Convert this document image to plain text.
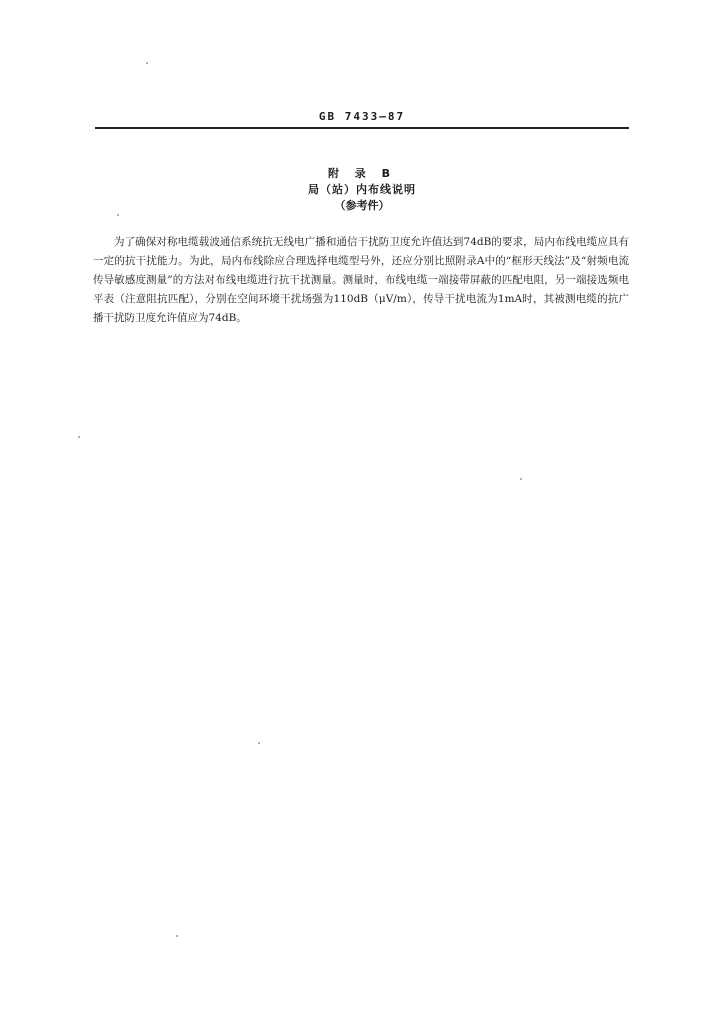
GB 7433—87
附 录 B
局（站）内布线说明
（参考件）

为了确保对称电缆载波通信系统抗无线电广播和通信干扰防卫度允许值达到74dB的要求，局内布线电缆应具有一定的抗干扰能力。为此，局内布线除应合理选择电缆型号外，还应分别比照附录A中的“框形天线法”及“射频电流传导敏感度测量”的方法对布线电缆进行抗干扰测量。测量时，布线电缆一端接带屏蔽的匹配电阻，另一端接选频电平表（注意阻抗匹配），分别在空间环境干扰场强为110dB（μV/m），传导干扰电流为1mA时，其被测电缆的抗广播干扰防卫度允许值应为74dB。
